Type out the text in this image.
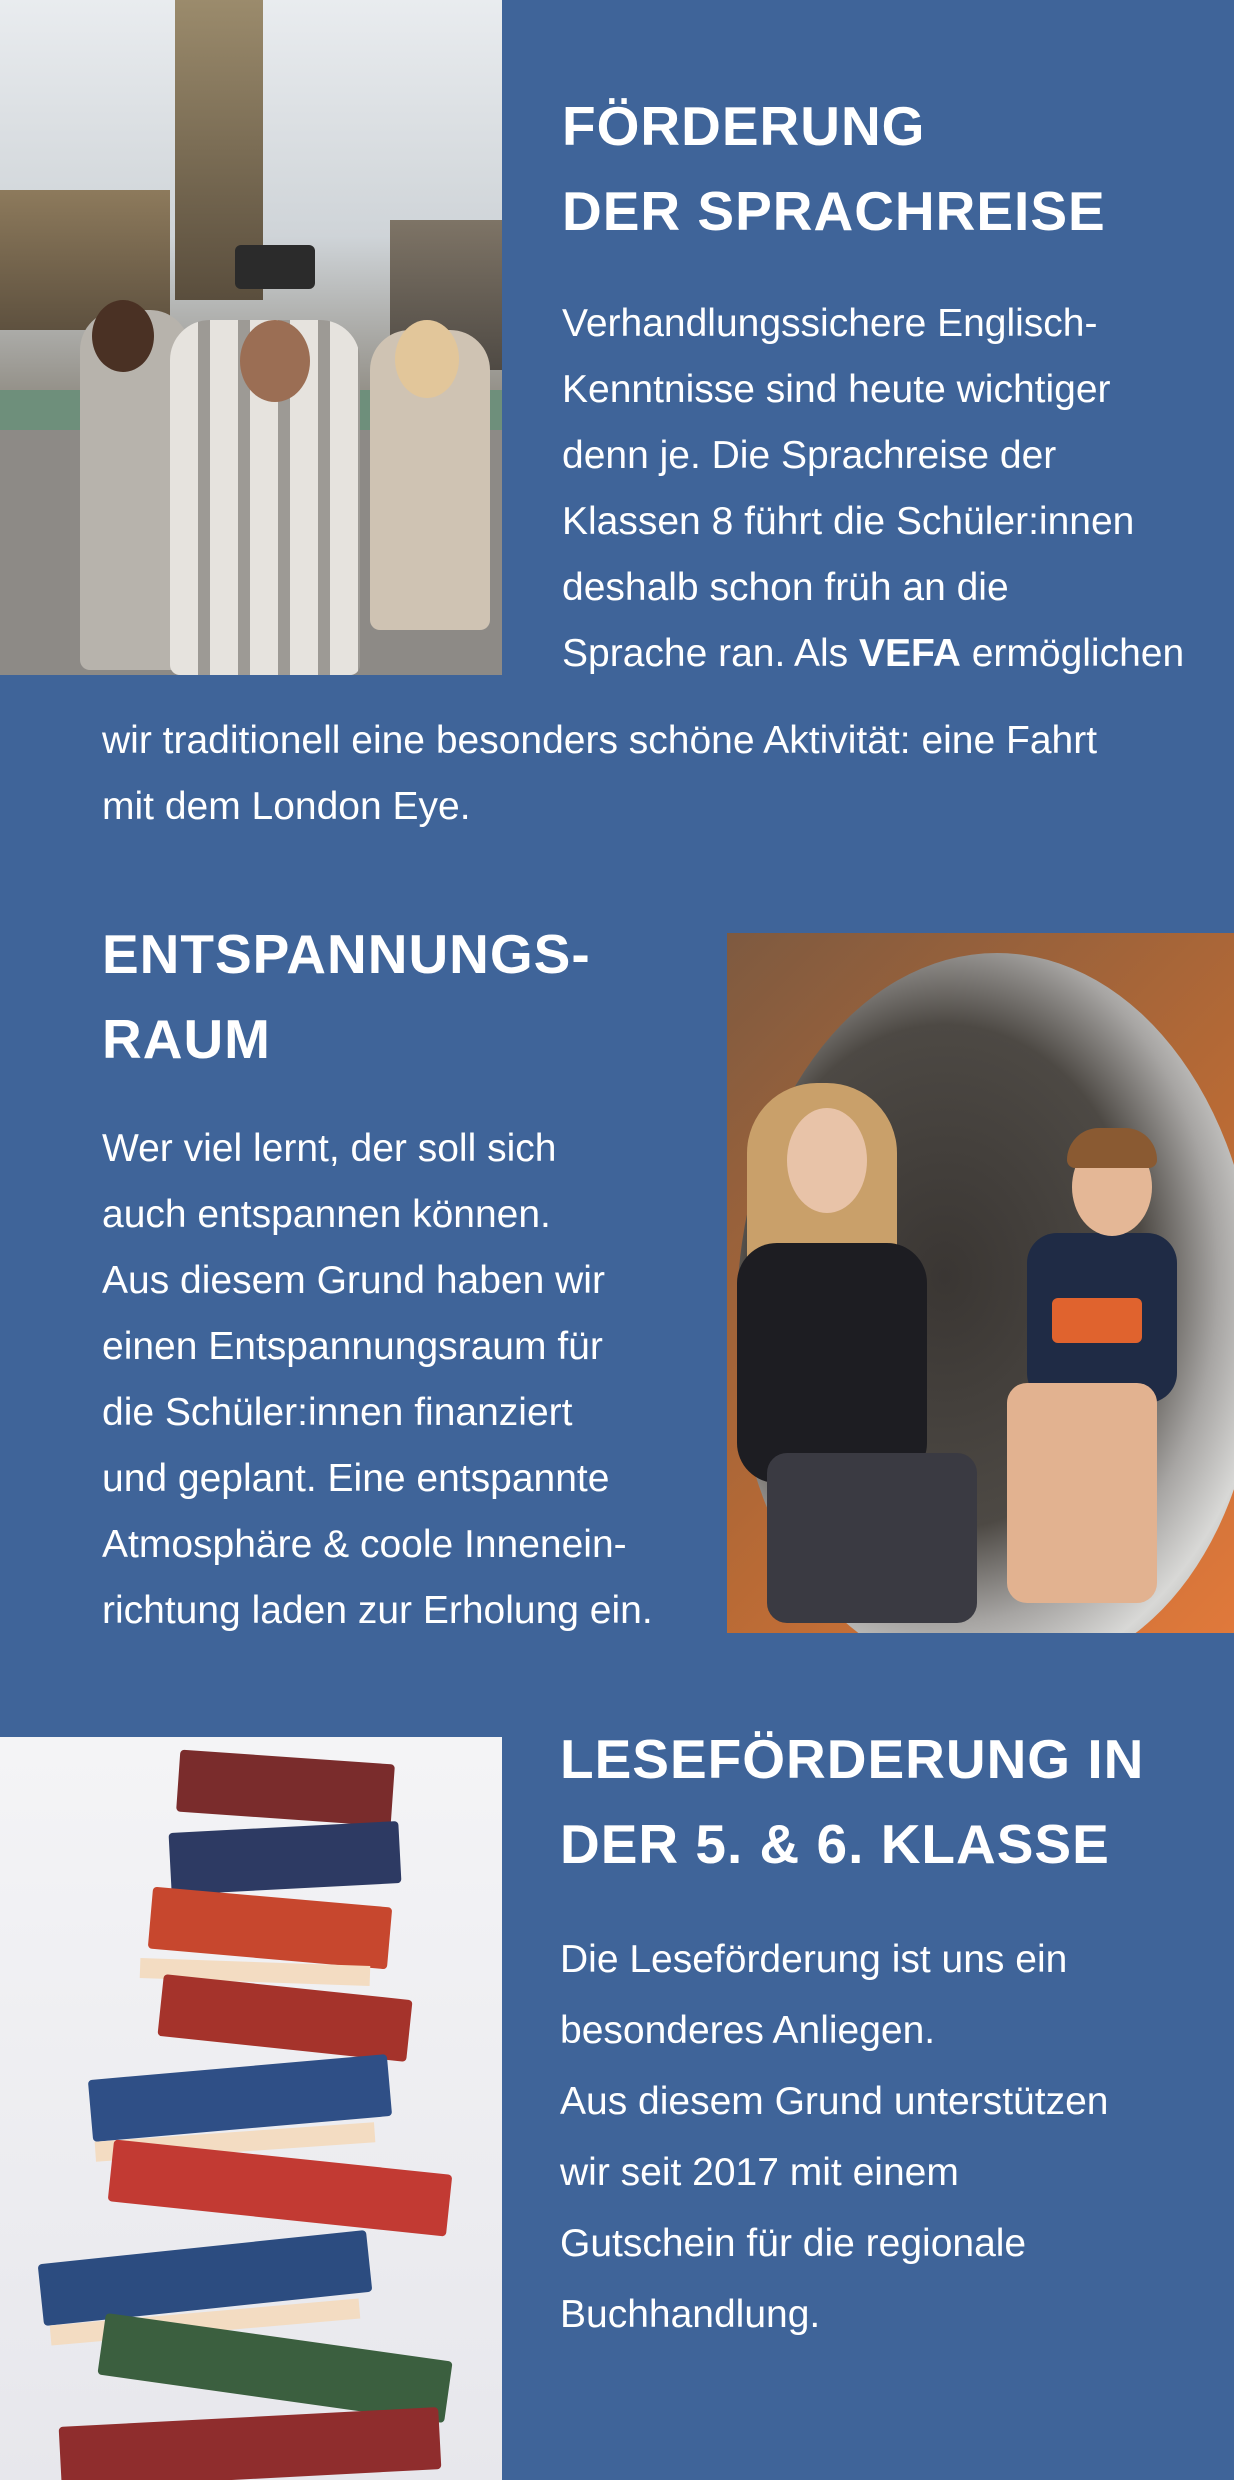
FÖRDERUNG
DER SPRACHREISE

Verhandlungssichere Englisch-
Kenntnisse sind heute wichtiger
denn je. Die Sprachreise der
Klassen 8 führt die Schüler:innen
deshalb schon früh an die
Sprache ran. Als VEFA ermöglichen

wir traditionell eine besonders schöne Aktivität: eine Fahrt
mit dem London Eye.

ENTSPANNUNGS-
RAUM

Wer viel lernt, der soll sich
auch entspannen können.
Aus diesem Grund haben wir
einen Entspannungsraum für
die Schüler:innen finanziert
und geplant. Eine entspannte
Atmosphäre & coole Innenein-
richtung laden zur Erholung ein.

LESEFÖRDERUNG IN
DER 5. & 6. KLASSE

Die Leseförderung ist uns ein
besonderes Anliegen.
Aus diesem Grund unterstützen
wir seit 2017 mit einem
Gutschein für die regionale
Buchhandlung.
